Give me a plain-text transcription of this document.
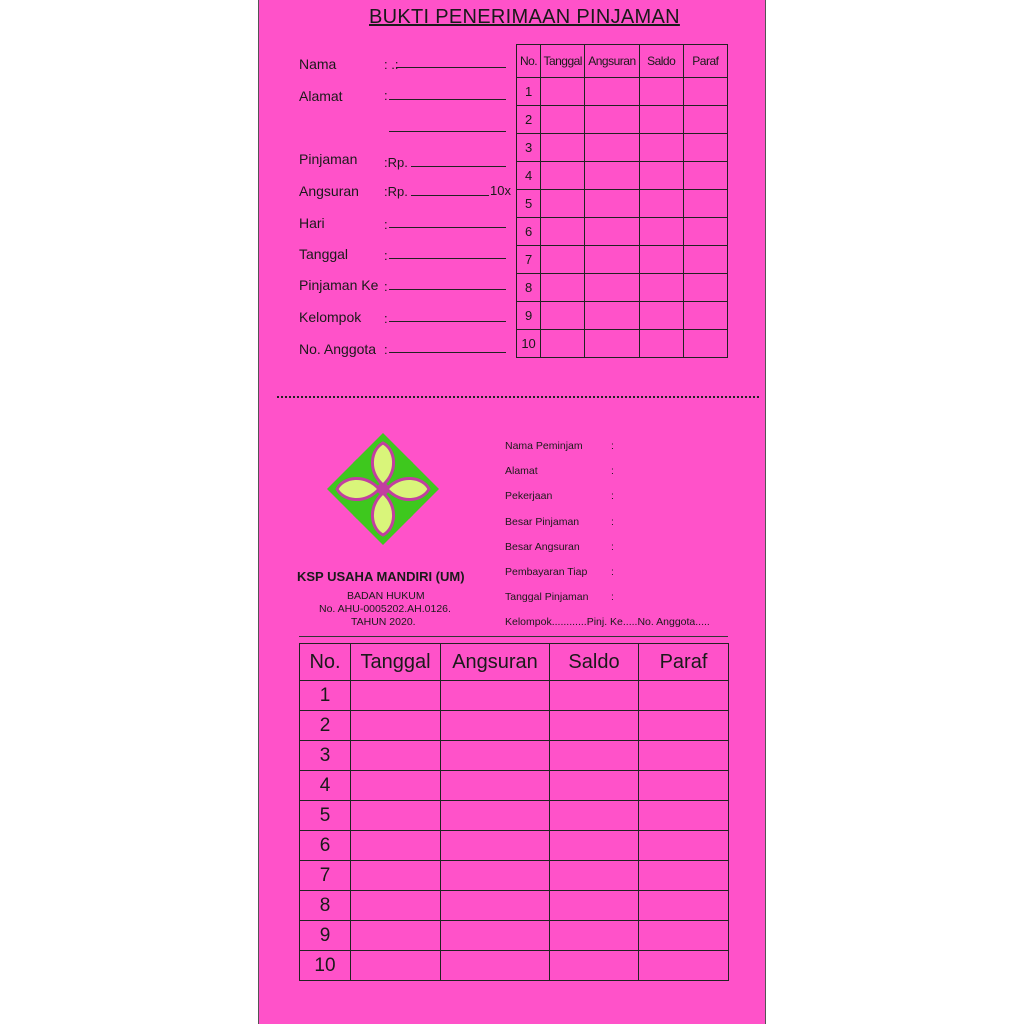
BUKTI PENERIMAAN PINJAMAN
Nama	: .:
Alamat	:
Pinjaman :Rp.
Angsuran :Rp.	10x
Hari	:
Tanggal	:
Pinjaman Ke :
Kelompok :
No. Anggota :
No.	Tanggal	Angsuran	Saldo	Paraf
1				
2				
3				
4				
5				
6				
7				
8				
9				
10				
KSP USAHA MANDIRI (UM)
BADAN HUKUM
No. AHU-0005202.AH.0126.
TAHUN 2020.
Nama Peminjam	:
Alamat	:
Pekerjaan	:
Besar Pinjaman	:
Besar Angsuran	:
Pembayaran Tiap :
Tanggal Pinjaman :
Kelompok............Pinj. Ke.....No. Anggota.....
No.	Tanggal	Angsuran	Saldo	Paraf
1				
2				
3				
4				
5				
6				
7				
8				
9				
10				
